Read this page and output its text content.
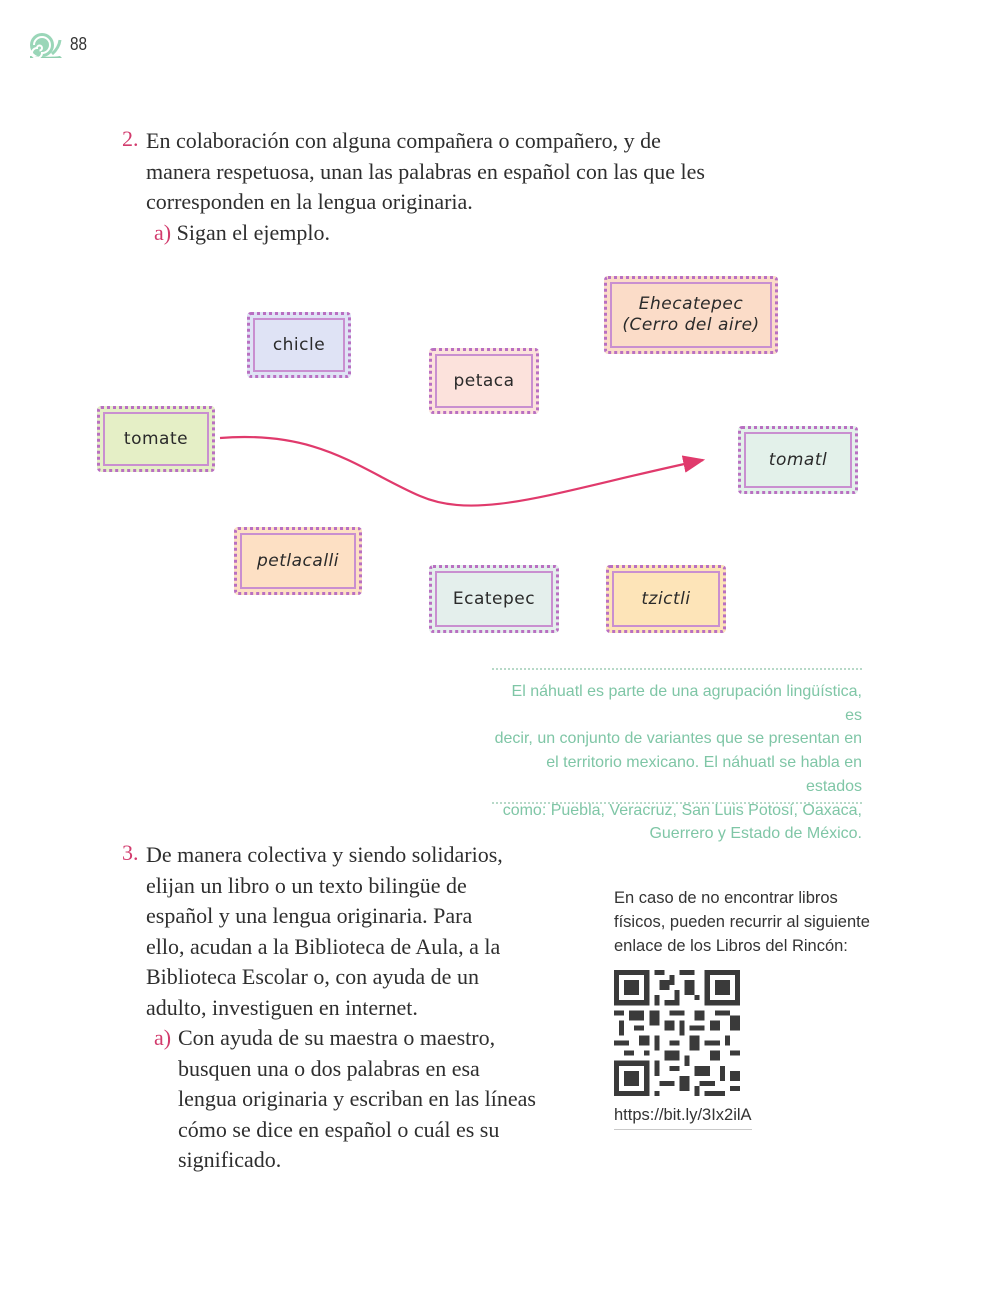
88
2. En colaboración con alguna compañera o compañero, y de
manera respetuosa, unan las palabras en español con las que les
corresponden en la lengua originaria.
a) Sigan el ejemplo.
chicle
Ehecatepec
(Cerro del aire)
petaca
tomate
tomatl
petlacalli
Ecatepec	tzictli

El náhuatl es parte de una agrupación lingüística, es
decir, un conjunto de variantes que se presentan en
el territorio mexicano. El náhuatl se habla en estados
como: Puebla, Veracruz, San Luis Potosí, Oaxaca,
Guerrero y Estado de México.

3. De manera colectiva y siendo solidarios,
elijan un libro o un texto bilingüe de
español y una lengua originaria. Para
ello, acudan a la Biblioteca de Aula, a la
Biblioteca Escolar o, con ayuda de un
adulto, investiguen en internet.
a) Con ayuda de su maestra o maestro,
busquen una o dos palabras en esa
lengua originaria y escriban en las líneas
cómo se dice en español o cuál es su
significado.
En caso de no encontrar libros
físicos, pueden recurrir al siguiente
enlace de los Libros del Rincón:
https://bit.ly/3Ix2ilA
